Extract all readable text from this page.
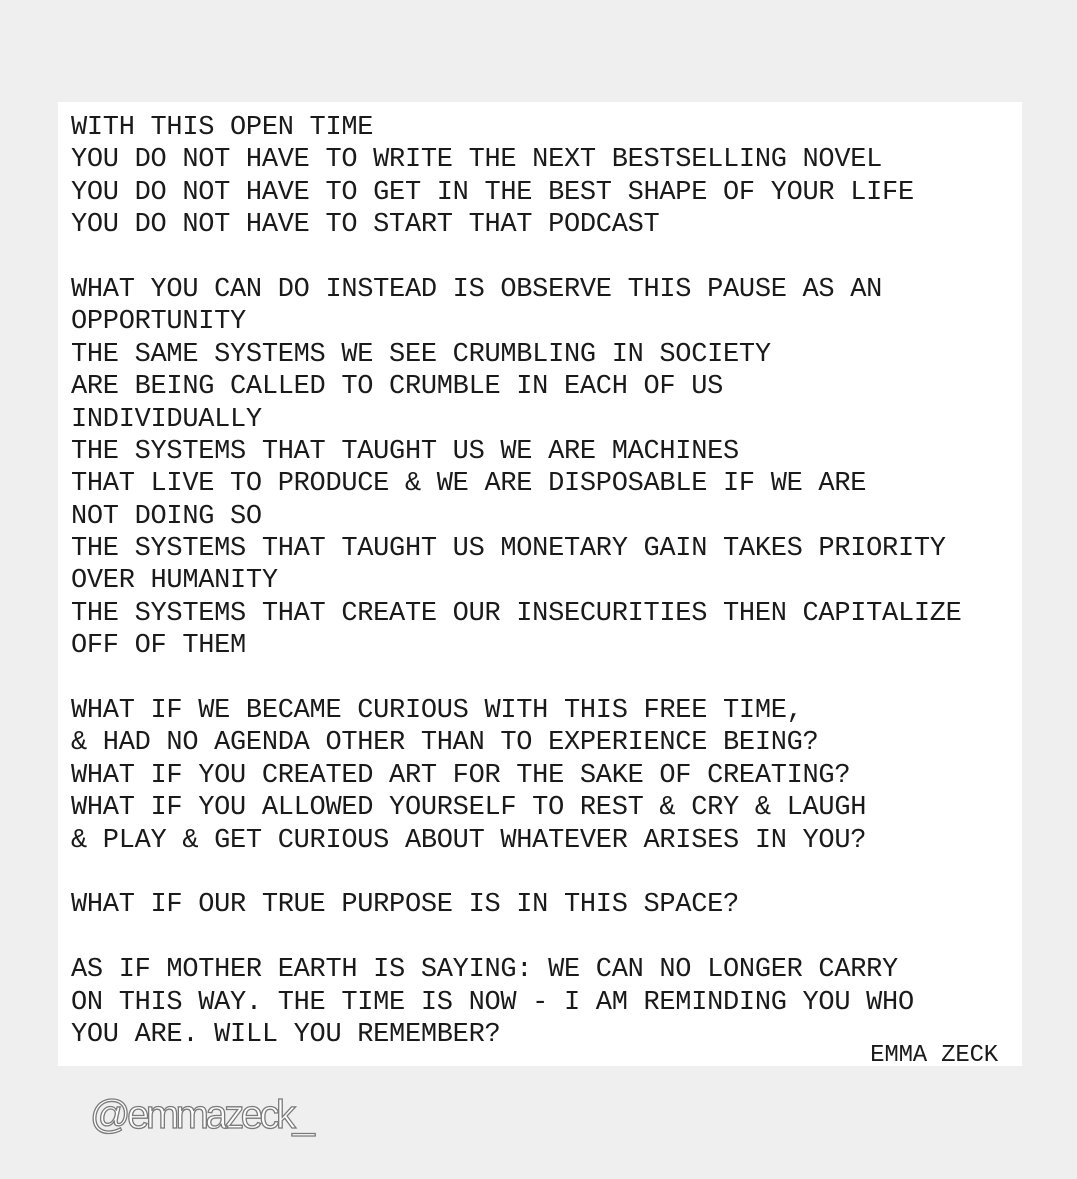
WITH THIS OPEN TIME
YOU DO NOT HAVE TO WRITE THE NEXT BESTSELLING NOVEL
YOU DO NOT HAVE TO GET IN THE BEST SHAPE OF YOUR LIFE
YOU DO NOT HAVE TO START THAT PODCAST
WHAT YOU CAN DO INSTEAD IS OBSERVE THIS PAUSE AS AN
OPPORTUNITY
THE SAME SYSTEMS WE SEE CRUMBLING IN SOCIETY
ARE BEING CALLED TO CRUMBLE IN EACH OF US
INDIVIDUALLY
THE SYSTEMS THAT TAUGHT US WE ARE MACHINES
THAT LIVE TO PRODUCE & WE ARE DISPOSABLE IF WE ARE
NOT DOING SO
THE SYSTEMS THAT TAUGHT US MONETARY GAIN TAKES PRIORITY
OVER HUMANITY
THE SYSTEMS THAT CREATE OUR INSECURITIES THEN CAPITALIZE
OFF OF THEM
WHAT IF WE BECAME CURIOUS WITH THIS FREE TIME,
& HAD NO AGENDA OTHER THAN TO EXPERIENCE BEING?
WHAT IF YOU CREATED ART FOR THE SAKE OF CREATING?
WHAT IF YOU ALLOWED YOURSELF TO REST & CRY & LAUGH
& PLAY & GET CURIOUS ABOUT WHATEVER ARISES IN YOU?
WHAT IF OUR TRUE PURPOSE IS IN THIS SPACE?
AS IF MOTHER EARTH IS SAYING: WE CAN NO LONGER CARRY
ON THIS WAY. THE TIME IS NOW - I AM REMINDING YOU WHO
YOU ARE. WILL YOU REMEMBER?
EMMA ZECK
@emmazeck_
